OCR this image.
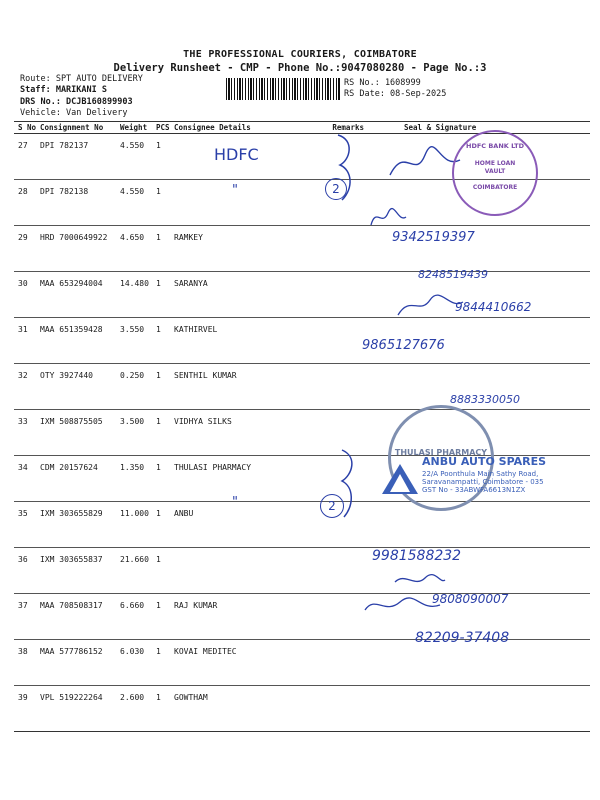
THE PROFESSIONAL COURIERS, COIMBATORE
Delivery Runsheet - CMP - Phone No.:9047080280 - Page No.:3
Route: SPT AUTO DELIVERY
Staff: MARIKANI S
DRS No.: DCJB160899903
Vehicle: Van Delivery
RS No.: 1608999
RS Date: 08-Sep-2025
S No	Consignment No	Weight	PCS	Consignee Details	Remarks	Seal & Signature
27	DPI 782137	4.550	1			
28	DPI 782138	4.550	1			
29	HRD 7000649922	4.650	1	RAMKEY		
30	MAA 653294004	14.480	1	SARANYA		
31	MAA 651359428	3.550	1	KATHIRVEL		
32	OTY 3927440	0.250	1	SENTHIL KUMAR		
33	IXM 508875505	3.500	1	VIDHYA SILKS		
34	CDM 20157624	1.350	1	THULASI PHARMACY		
35	IXM 303655829	11.000	1	ANBU		
36	IXM 303655837	21.660	1			
37	MAA 708508317	6.660	1	RAJ KUMAR		
38	MAA 577786152	6.030	1	KOVAI MEDITEC		
39	VPL 519222264	2.600	1	GOWTHAM		
HDFC
"
"
2
2
9342519397
8248519439
9844410662
9865127676
8883330050
9981588232
9808090007
82209-37408
HDFC BANK LTD
HOME LOAN VAULT
COIMBATORE
THULASI PHARMACY
ANBU AUTO SPARES
22/A Poonthula Main Sathy Road,
Saravanampatti, Coimbatore - 035
GST No - 33ABWFA6613N1ZX
